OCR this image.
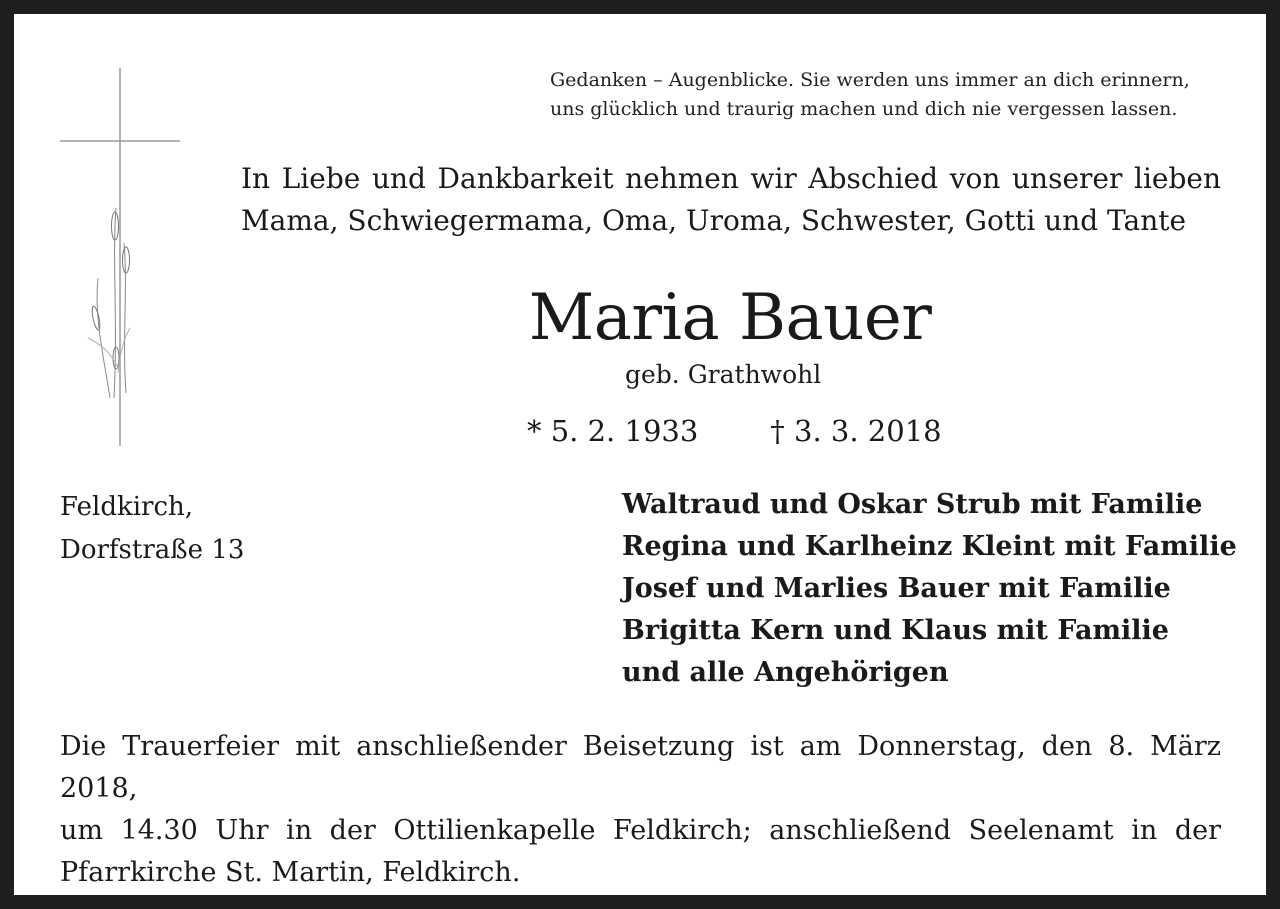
Gedanken – Augenblicke. Sie werden uns immer an dich erinnern,
uns glücklich und traurig machen und dich nie vergessen lassen.
In Liebe und Dankbarkeit nehmen wir Abschied von unserer lieben
Mama, Schwiegermama, Oma, Uroma, Schwester, Gotti und Tante
Maria Bauer
geb. Grathwohl
* 5. 2. 1933 † 3. 3. 2018
Feldkirch,
Dorfstraße 13
Waltraud und Oskar Strub mit Familie
Regina und Karlheinz Kleint mit Familie
Josef und Marlies Bauer mit Familie
Brigitta Kern und Klaus mit Familie
und alle Angehörigen
Die Trauerfeier mit anschließender Beisetzung ist am Donnerstag, den 8. März 2018,
um 14.30 Uhr in der Ottilienkapelle Feldkirch; anschließend Seelenamt in der
Pfarrkirche St. Martin, Feldkirch.
